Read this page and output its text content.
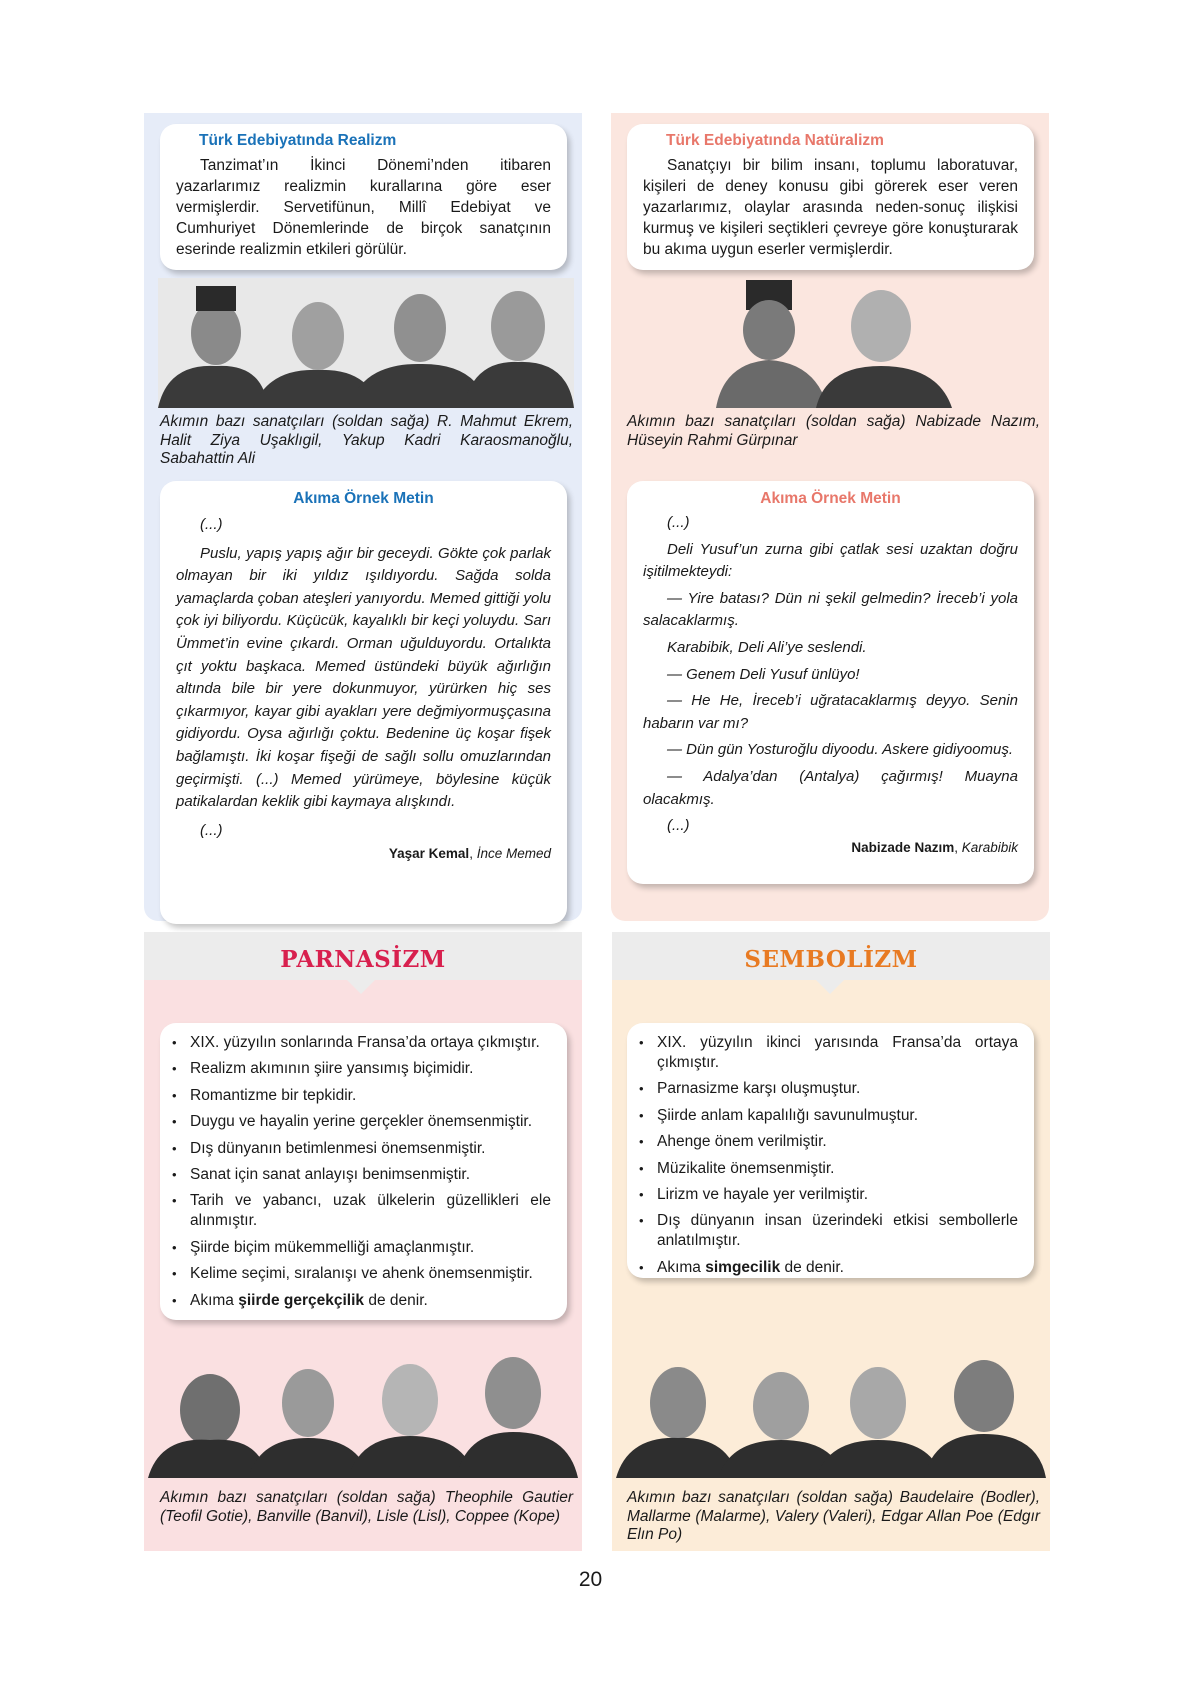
Türk Edebiyatında Realizm

Tanzimat’ın İkinci Dönemi’nden itibaren yazarlarımız realizmin kurallarına göre eser vermişlerdir. Servetifünun, Millî Edebiyat ve Cumhuriyet Dönemlerinde de birçok sanatçının eserinde realizmin etkileri görülür.

Akımın bazı sanatçıları (soldan sağa) R. Mahmut Ekrem, Halit Ziya Uşaklıgil, Yakup Kadri Karaosmanoğlu, Sabahattin Ali
Akıma Örnek Metin

(...)

Puslu, yapış yapış ağır bir geceydi. Gökte çok parlak olmayan bir iki yıldız ışıldıyordu. Sağda solda yamaçlarda çoban ateşleri yanıyordu. Memed gittiği yolu çok iyi biliyordu. Küçücük, kayalıklı bir keçi yoluydu. Sarı Ümmet’in evine çıkardı. Orman uğulduyordu. Ortalıkta çıt yoktu başkaca. Memed üstündeki büyük ağırlığın altında bile bir yere dokunmuyor, yürürken hiç ses çıkarmıyor, kayar gibi ayakları yere değmiyormuşçasına gidiyordu. Oysa ağırlığı çoktu. Bedenine üç koşar fişek bağlamıştı. İki koşar fişeği de sağlı sollu omuzlarından geçirmişti. (...) Memed yürümeye, böylesine küçük patikalardan keklik gibi kaymaya alışkındı.

(...)

Yaşar Kemal, İnce Memed
Türk Edebiyatında Natüralizm

Sanatçıyı bir bilim insanı, toplumu laboratuvar, kişileri de deney konusu gibi görerek eser veren yazarlarımız, olaylar arasında neden-sonuç ilişkisi kurmuş ve kişileri seçtikleri çevreye göre konuşturarak bu akıma uygun eserler vermişlerdir.

Akımın bazı sanatçıları (soldan sağa) Nabizade Nazım, Hüseyin Rahmi Gürpınar
Akıma Örnek Metin

(...)

Deli Yusuf’un zurna gibi çatlak sesi uzaktan doğru işitilmekteydi:

— Yire batası? Dün ni şekil gelmedin? İreceb’i yola salacaklarmış.

Karabibik, Deli Ali’ye seslendi.

— Genem Deli Yusuf ünlüyo!

— He He, İreceb’i uğratacaklarmış deyyo. Senin habarın var mı?

— Dün gün Yosturoğlu diyoodu. Askere gidiyoomuş.

— Adalya’dan (Antalya) çağırmış! Muayna olacakmış.

(...)

Nabizade Nazım, Karabibik
PARNASİZM	SEMBOLİZM
• XIX. yüzyılın sonlarında Fransa’da ortaya çıkmıştır.
• Realizm akımının şiire yansımış biçimidir.
• Romantizme bir tepkidir.
• Duygu ve hayalin yerine gerçekler önemsenmiştir.
• Dış dünyanın betimlenmesi önemsenmiştir.
• Sanat için sanat anlayışı benimsenmiştir.
• Tarih ve yabancı, uzak ülkelerin güzellikleri ele alınmıştır.
• Şiirde biçim mükemmelliği amaçlanmıştır.
• Kelime seçimi, sıralanışı ve ahenk önemsenmiştir.
• Akıma şiirde gerçekçilik de denir.
• XIX. yüzyılın ikinci yarısında Fransa’da ortaya çıkmıştır.
• Parnasizme karşı oluşmuştur.
• Şiirde anlam kapalılığı savunulmuştur.
• Ahenge önem verilmiştir.
• Müzikalite önemsenmiştir.
• Lirizm ve hayale yer verilmiştir.
• Dış dünyanın insan üzerindeki etkisi sembollerle anlatılmıştır.
• Akıma simgecilik de denir.
Akımın bazı sanatçıları (soldan sağa) Theophile Gautier (Teofil Gotie), Banville (Banvil), Lisle (Lisl), Coppee (Kope)
Akımın bazı sanatçıları (soldan sağa) Baudelaire (Bodler), Mallarme (Malarme), Valery (Valeri), Edgar Allan Poe (Edgır Elın Po)
20
